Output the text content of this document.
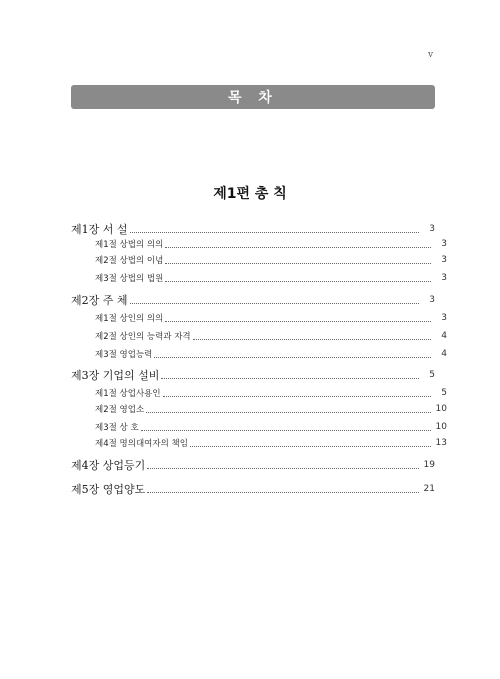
v
목 차
제1편 총 칙
제1장 서 설	3
제1절 상법의 의의	3
제2절 상법의 이념	3
제3절 상법의 법원	3
제2장 주 체	3
제1절 상인의 의의	3
제2절 상인의 능력과 자격	4
제3절 영업능력	4
제3장 기업의 설비	5
제1절 상업사용인	5
제2절 영업소	10
제3절 상 호	10
제4절 명의대여자의 책임	13
제4장 상업등기	19
제5장 영업양도	21
